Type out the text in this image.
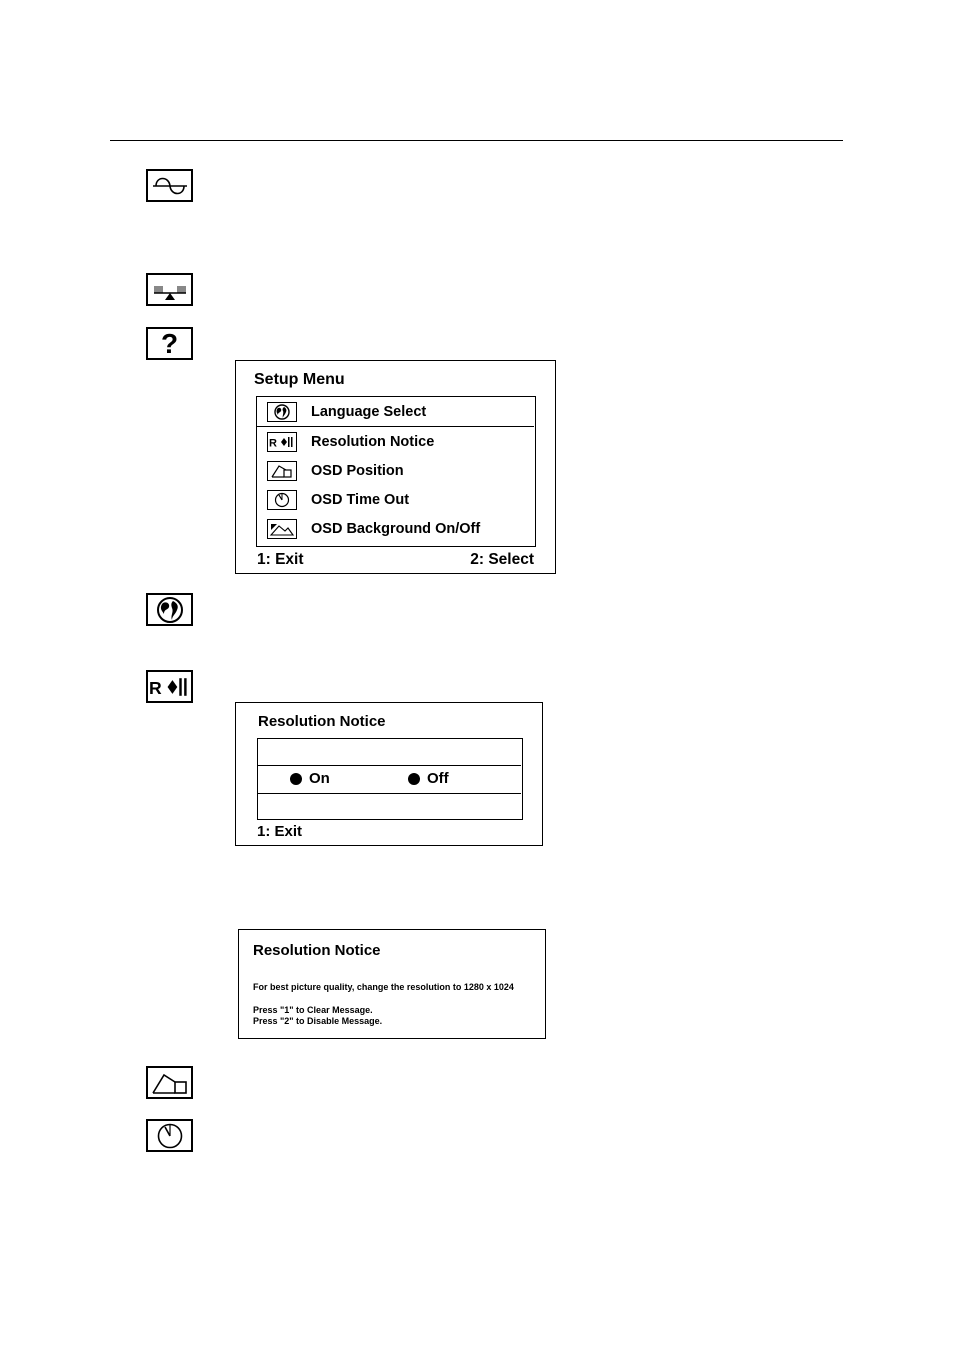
?
Setup Menu
Language Select
R Resolution Notice
OSD Position
OSD Time Out
OSD Background On/Off
1: Exit	2: Select
R
Resolution Notice
On	Off
1: Exit
Resolution Notice
For best picture quality, change the resolution to 1280 x 1024
Press "1" to Clear Message.
Press "2" to Disable Message.
